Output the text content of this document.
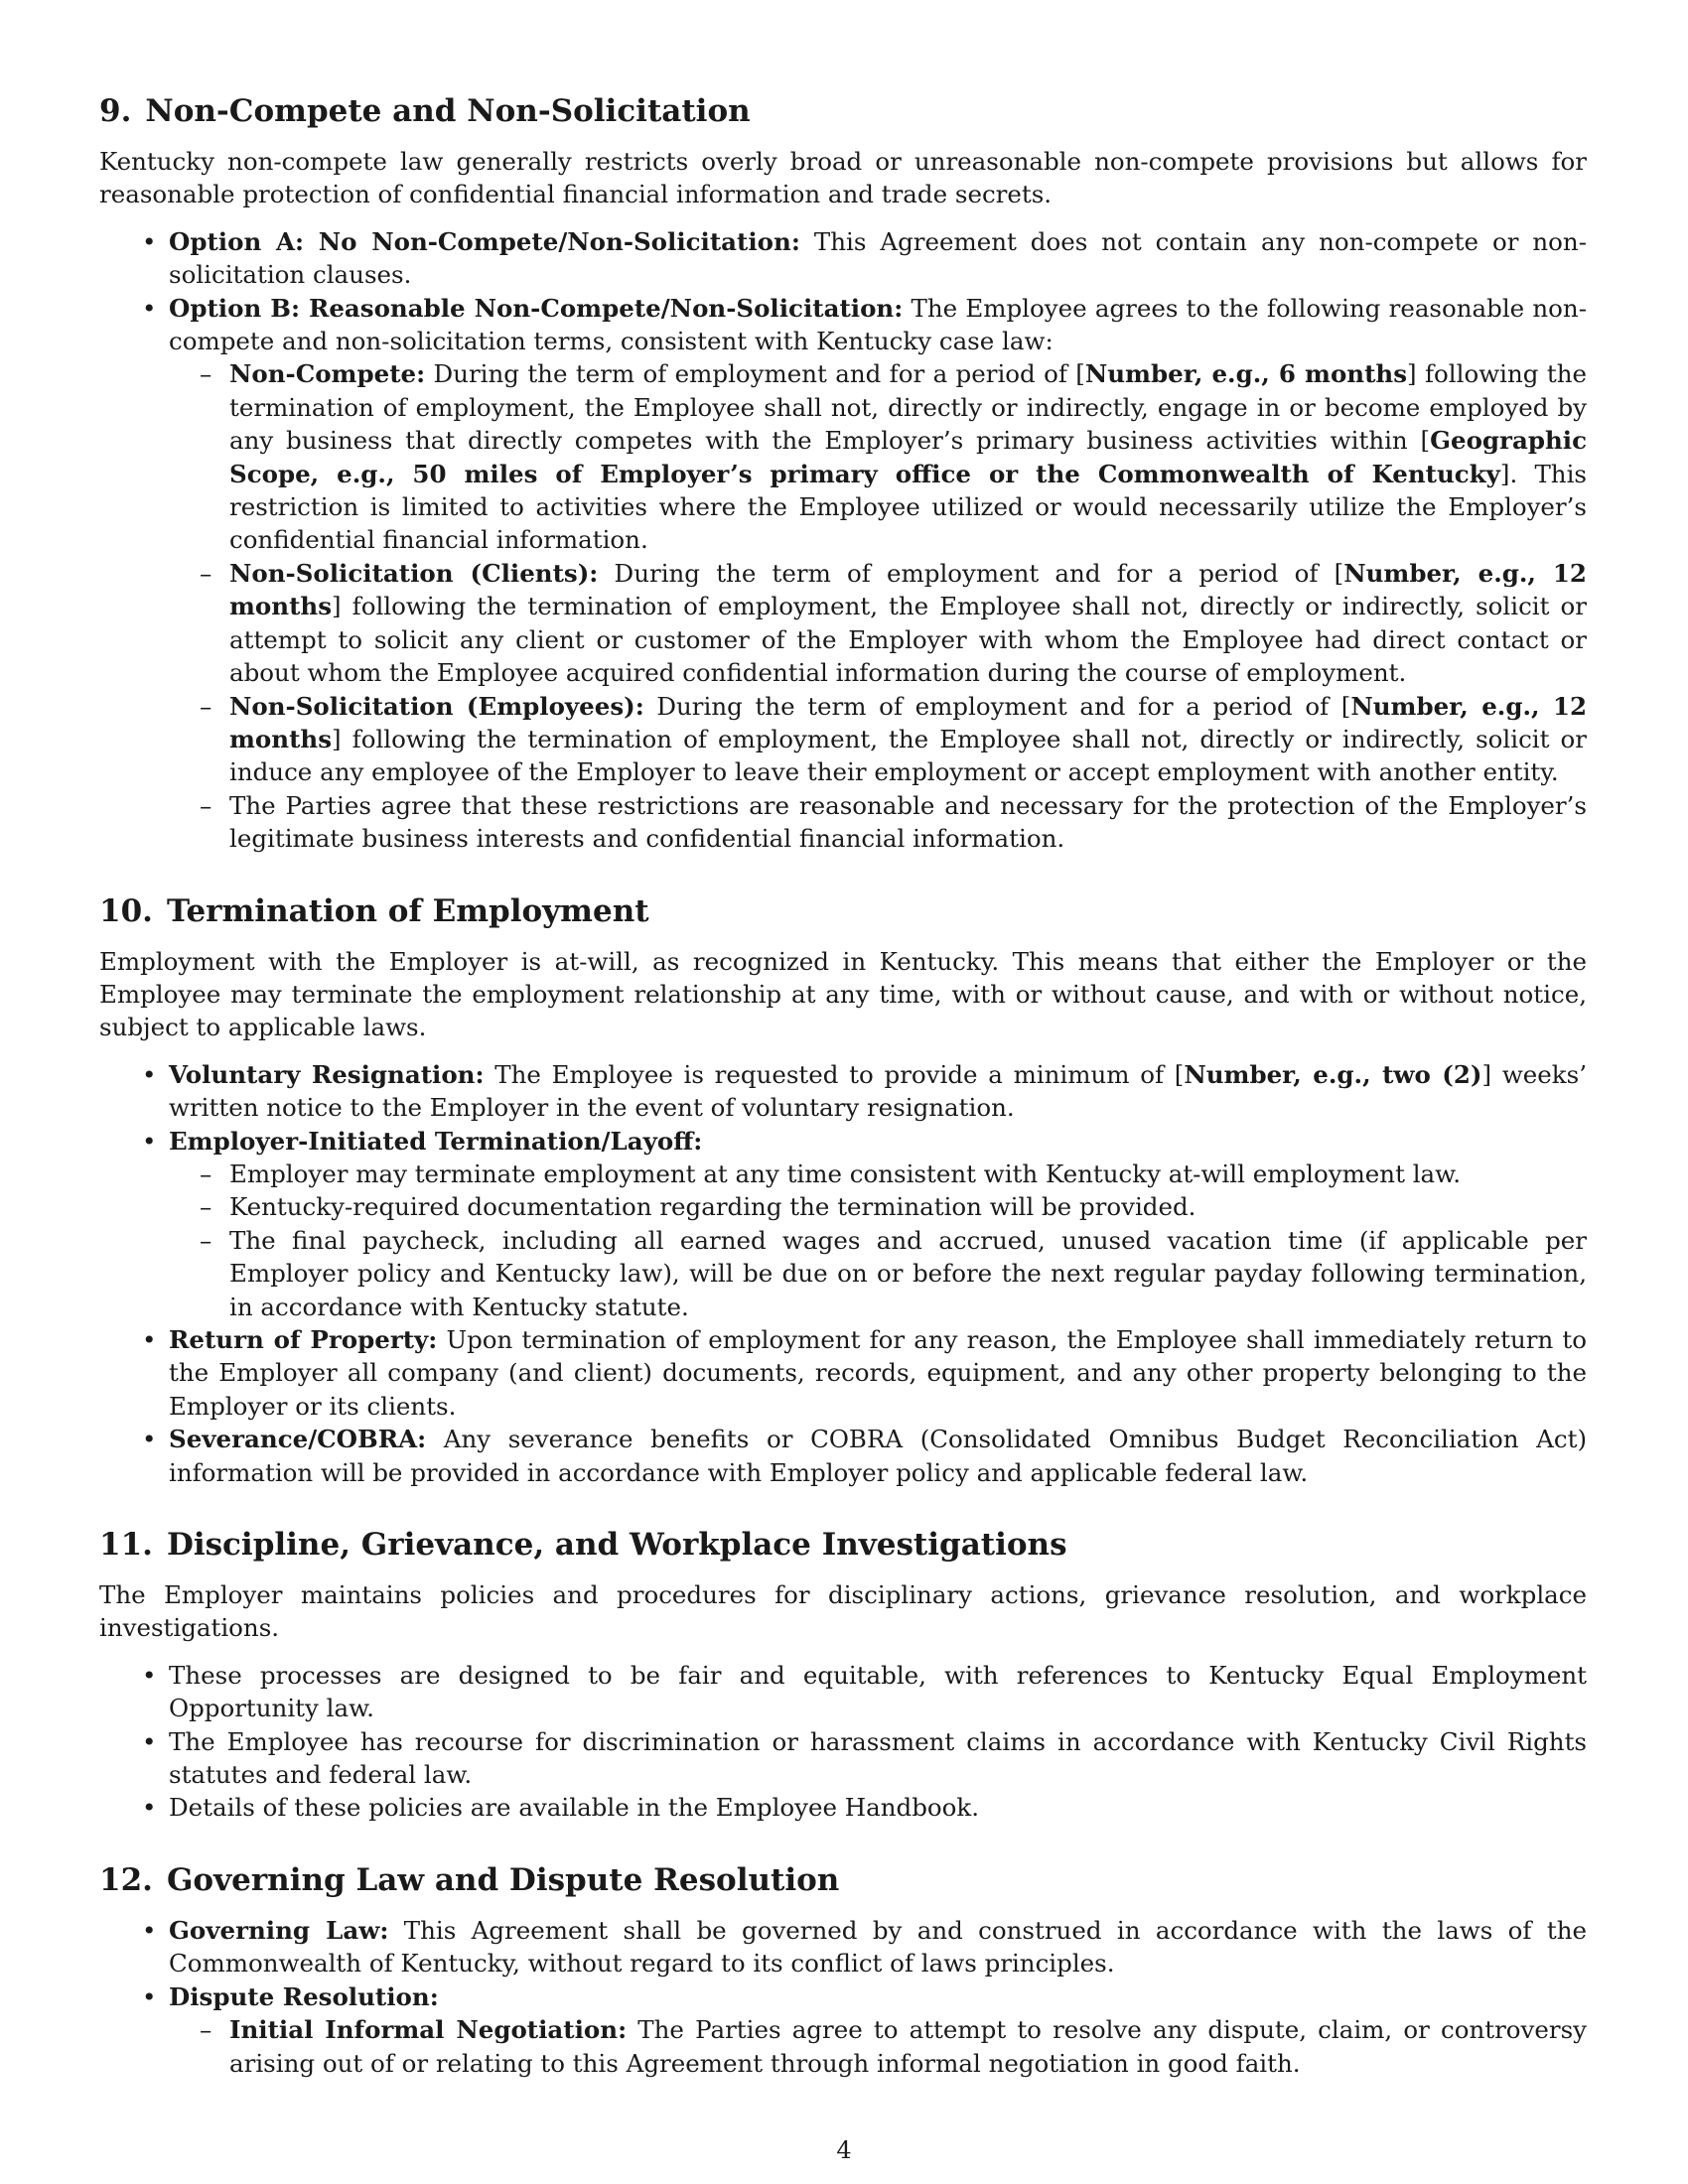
9. Non-Compete and Non-Solicitation

Kentucky non-compete law generally restricts overly broad or unreasonable non-compete provisions but allows for reasonable protection of confidential financial information and trade secrets.

• Option A: No Non-Compete/Non-Solicitation: This Agreement does not contain any non-compete or non-solicitation clauses.
• Option B: Reasonable Non-Compete/Non-Solicitation: The Employee agrees to the following reasonable non-compete and non-solicitation terms, consistent with Kentucky case law:
– Non-Compete: During the term of employment and for a period of [Number, e.g., 6 months] following the termination of employment, the Employee shall not, directly or indirectly, engage in or become employed by any business that directly competes with the Employer’s primary business activities within [Geographic Scope, e.g., 50 miles of Employer’s primary office or the Commonwealth of Kentucky]. This restriction is limited to activities where the Employee utilized or would necessarily utilize the Employer’s confidential financial information.
– Non-Solicitation (Clients): During the term of employment and for a period of [Number, e.g., 12 months] following the termination of employment, the Employee shall not, directly or indirectly, solicit or attempt to solicit any client or customer of the Employer with whom the Employee had direct contact or about whom the Employee acquired confidential information during the course of employment.
– Non-Solicitation (Employees): During the term of employment and for a period of [Number, e.g., 12 months] following the termination of employment, the Employee shall not, directly or indirectly, solicit or induce any employee of the Employer to leave their employment or accept employment with another entity.
– The Parties agree that these restrictions are reasonable and necessary for the protection of the Employer’s legitimate business interests and confidential financial information.
10. Termination of Employment

Employment with the Employer is at-will, as recognized in Kentucky. This means that either the Employer or the Employee may terminate the employment relationship at any time, with or without cause, and with or without notice, subject to applicable laws.

• Voluntary Resignation: The Employee is requested to provide a minimum of [Number, e.g., two (2)] weeks’ written notice to the Employer in the event of voluntary resignation.
• Employer-Initiated Termination/Layoff:
– Employer may terminate employment at any time consistent with Kentucky at-will employment law.
– Kentucky-required documentation regarding the termination will be provided.
– The final paycheck, including all earned wages and accrued, unused vacation time (if applicable per Employer policy and Kentucky law), will be due on or before the next regular payday following termination, in accordance with Kentucky statute.
• Return of Property: Upon termination of employment for any reason, the Employee shall immediately return to the Employer all company (and client) documents, records, equipment, and any other property belonging to the Employer or its clients.
• Severance/COBRA: Any severance benefits or COBRA (Consolidated Omnibus Budget Reconciliation Act) information will be provided in accordance with Employer policy and applicable federal law.
11. Discipline, Grievance, and Workplace Investigations

The Employer maintains policies and procedures for disciplinary actions, grievance resolution, and workplace investigations.

• These processes are designed to be fair and equitable, with references to Kentucky Equal Employment Opportunity law.
• The Employee has recourse for discrimination or harassment claims in accordance with Kentucky Civil Rights statutes and federal law.
• Details of these policies are available in the Employee Handbook.
12. Governing Law and Dispute Resolution
• Governing Law: This Agreement shall be governed by and construed in accordance with the laws of the Commonwealth of Kentucky, without regard to its conflict of laws principles.
• Dispute Resolution:
– Initial Informal Negotiation: The Parties agree to attempt to resolve any dispute, claim, or controversy arising out of or relating to this Agreement through informal negotiation in good faith.
4
